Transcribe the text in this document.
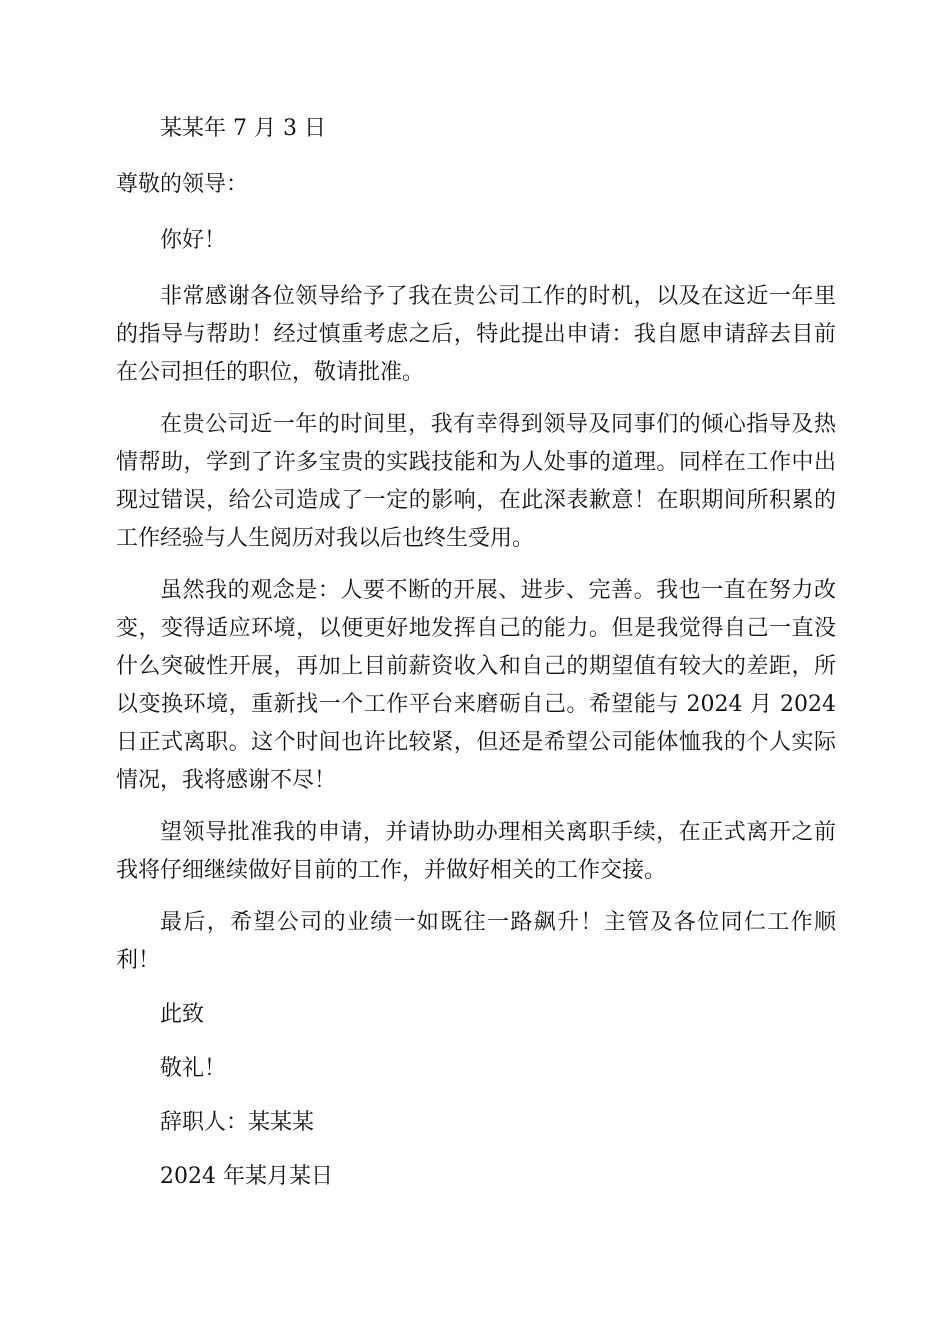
某某年 7 月 3 日

尊敬的领导：

你好！

非常感谢各位领导给予了我在贵公司工作的时机，以及在这近一年里的指导与帮助！经过慎重考虑之后，特此提出申请：我自愿申请辞去目前在公司担任的职位，敬请批准。

在贵公司近一年的时间里，我有幸得到领导及同事们的倾心指导及热情帮助，学到了许多宝贵的实践技能和为人处事的道理。同样在工作中出现过错误，给公司造成了一定的影响，在此深表歉意！在职期间所积累的工作经验与人生阅历对我以后也终生受用。

虽然我的观念是：人要不断的开展、进步、完善。我也一直在努力改变，变得适应环境，以便更好地发挥自己的能力。但是我觉得自己一直没什么突破性开展，再加上目前薪资收入和自己的期望值有较大的差距，所以变换环境，重新找一个工作平台来磨砺自己。希望能与 2024 月 2024 日正式离职。这个时间也许比较紧，但还是希望公司能体恤我的个人实际情况，我将感谢不尽！

望领导批准我的申请，并请协助办理相关离职手续，在正式离开之前我将仔细继续做好目前的工作，并做好相关的工作交接。

最后，希望公司的业绩一如既往一路飙升！主管及各位同仁工作顺利！

此致

敬礼！

辞职人：某某某

2024 年某月某日
